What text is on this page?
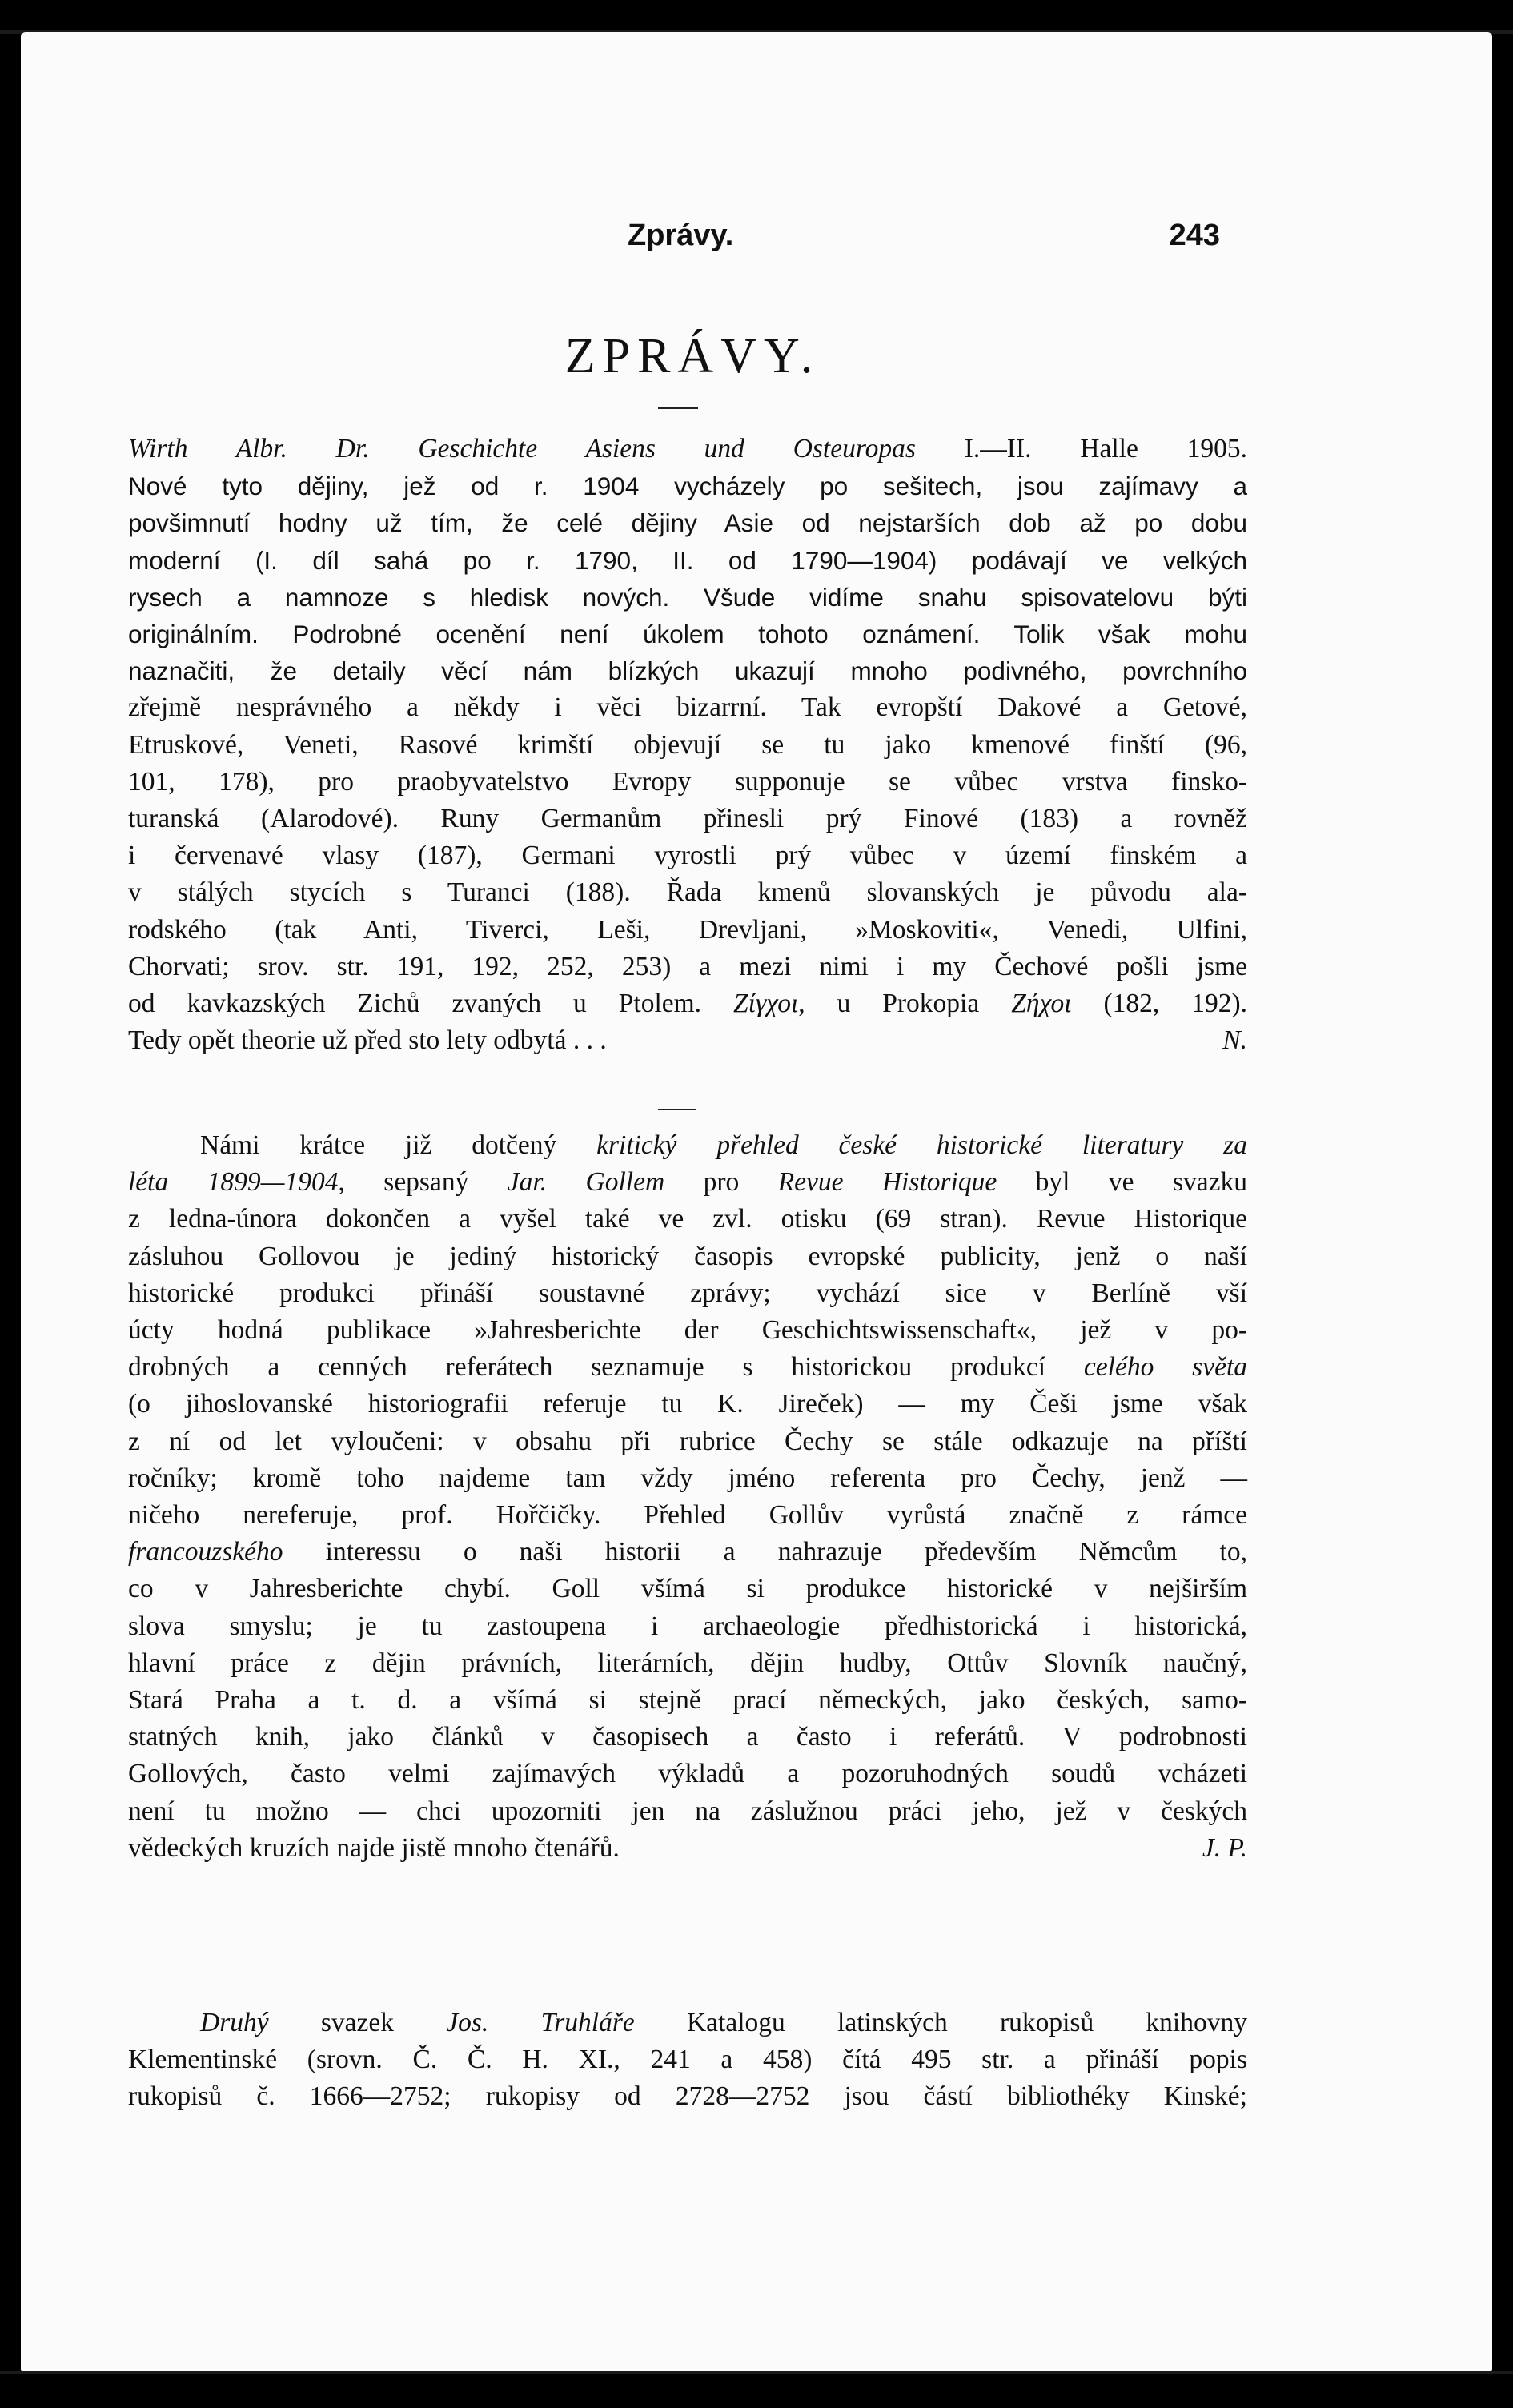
Zprávy.	243
ZPRÁVY.

Wirth Albr. Dr. Geschichte Asiens und Osteuropas I.—II. Halle 1905.

Nové tyto dějiny, jež od r. 1904 vycházely po sešitech, jsou zajímavy a

povšimnutí hodny už tím, že celé dějiny Asie od nejstarších dob až po dobu

moderní (I. díl sahá po r. 1790, II. od 1790—1904) podávají ve velkých

rysech a namnoze s hledisk nových. Všude vidíme snahu spisovatelovu býti

originálním. Podrobné ocenění není úkolem tohoto oznámení. Tolik však mohu

naznačiti, že detaily věcí nám blízkých ukazují mnoho podivného, povrchního

zřejmě nesprávného a někdy i věci bizarrní. Tak evropští Dakové a Getové,

Etruskové, Veneti, Rasové krimští objevují se tu jako kmenové finští (96,

101, 178), pro praobyvatelstvo Evropy supponuje se vůbec vrstva finsko-

turanská (Alarodové). Runy Germanům přinesli prý Finové (183) a rovněž

i červenavé vlasy (187), Germani vyrostli prý vůbec v území finském a

v stálých stycích s Turanci (188). Řada kmenů slovanských je původu ala-

rodského (tak Anti, Tiverci, Leši, Drevljani, »Moskoviti«, Venedi, Ulfini,

Chorvati; srov. str. 191, 192, 252, 253) a mezi nimi i my Čechové pošli jsme

od kavkazských Zichů zvaných u Ptolem. Ζίγχοι, u Prokopia Ζήχοι (182, 192).

Tedy opět theorie už před sto lety odbytá . . .	N.

Námi krátce již dotčený kritický přehled české historické literatury za

léta 1899—1904, sepsaný Jar. Gollem pro Revue Historique byl ve svazku

z ledna-února dokončen a vyšel také ve zvl. otisku (69 stran). Revue Historique

zásluhou Gollovou je jediný historický časopis evropské publicity, jenž o naší

historické produkci přináší soustavné zprávy; vychází sice v Berlíně vší

úcty hodná publikace »Jahresberichte der Geschichtswissenschaft«, jež v po-

drobných a cenných referátech seznamuje s historickou produkcí celého světa

(o jihoslovanské historiografii referuje tu K. Jireček) — my Češi jsme však

z ní od let vyloučeni: v obsahu při rubrice Čechy se stále odkazuje na příští

ročníky; kromě toho najdeme tam vždy jméno referenta pro Čechy, jenž —

ničeho nereferuje, prof. Hořčičky. Přehled Gollův vyrůstá značně z rámce

francouzského interessu o naši historii a nahrazuje především Němcům to,

co v Jahresberichte chybí. Goll všímá si produkce historické v nejširším

slova smyslu; je tu zastoupena i archaeologie předhistorická i historická,

hlavní práce z dějin právních, literárních, dějin hudby, Ottův Slovník naučný,

Stará Praha a t. d. a všímá si stejně prací německých, jako českých, samo-

statných knih, jako článků v časopisech a často i referátů. V podrobnosti

Gollových, často velmi zajímavých výkladů a pozoruhodných soudů vcházeti

není tu možno — chci upozorniti jen na záslužnou práci jeho, jež v českých

vědeckých kruzích najde jistě mnoho čtenářů.	J. P.

Druhý svazek Jos. Truhláře Katalogu latinských rukopisů knihovny

Klementinské (srovn. Č. Č. H. XI., 241 a 458) čítá 495 str. a přináší popis

rukopisů č. 1666—2752; rukopisy od 2728—2752 jsou částí bibliothéky Kinské;
